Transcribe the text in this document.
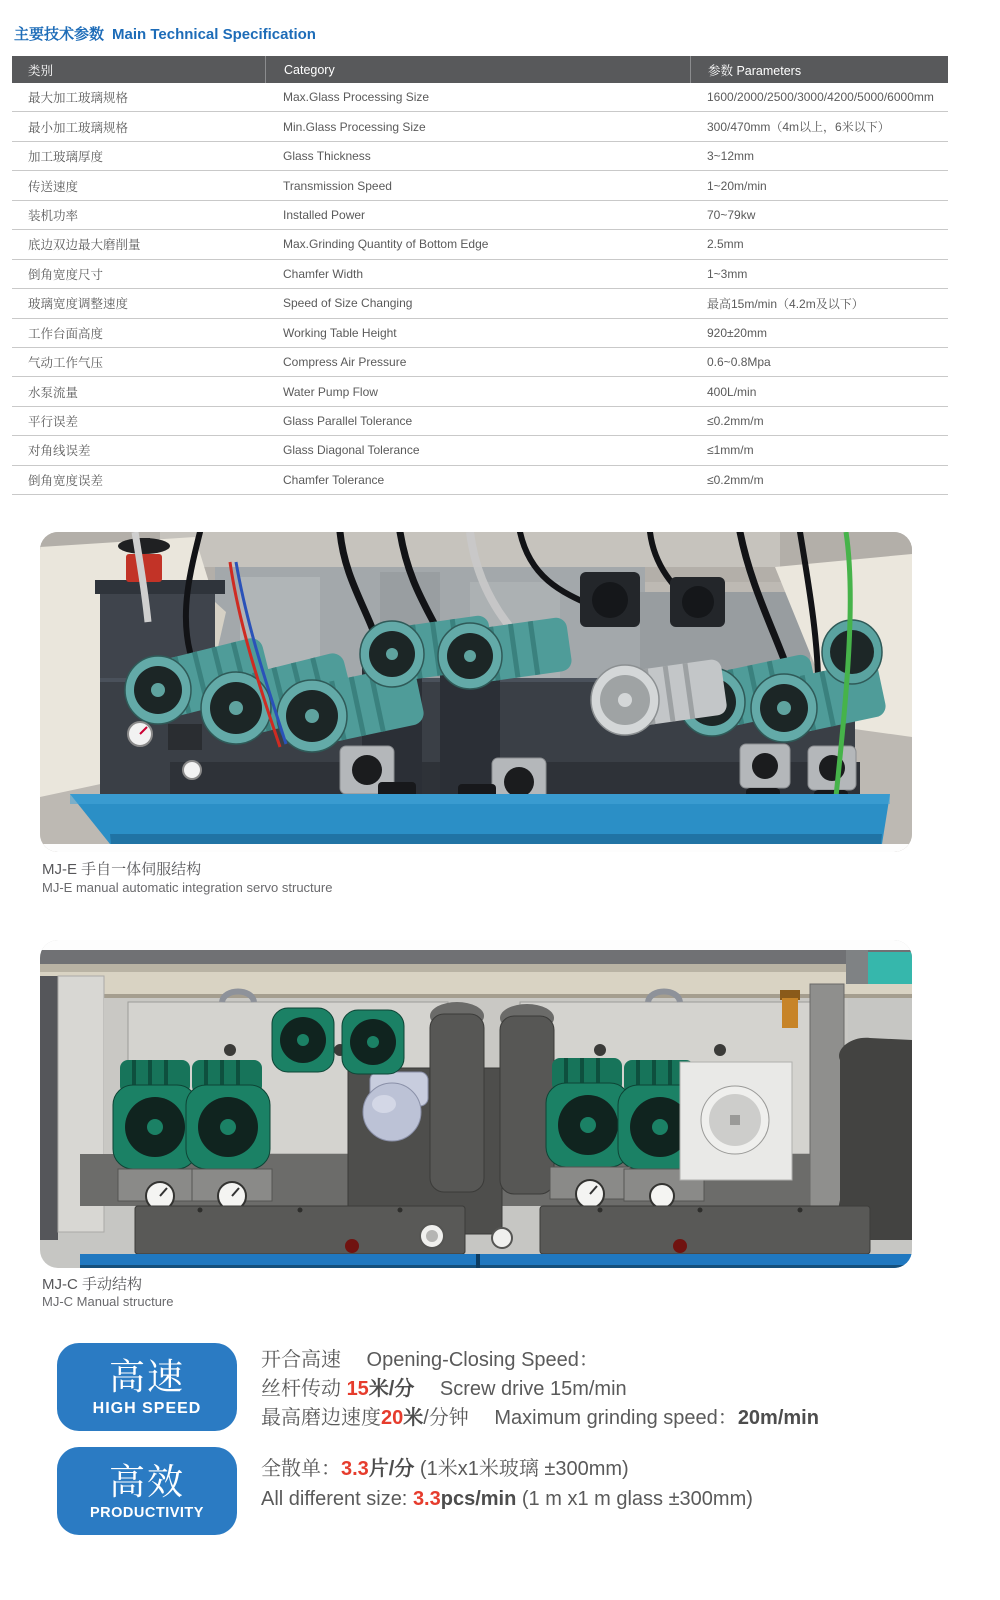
主要技术参数 Main Technical Specification
类别	Category	参数 Parameters
最大加工玻璃规格	Max.Glass Processing Size	1600/2000/2500/3000/4200/5000/6000mm
最小加工玻璃规格	Min.Glass Processing Size	300/470mm（4m以上，6米以下）
加工玻璃厚度	Glass Thickness	3~12mm
传送速度	Transmission Speed	1~20m/min
装机功率	Installed Power	70~79kw
底边双边最大磨削量	Max.Grinding Quantity of Bottom Edge	2.5mm
倒角宽度尺寸	Chamfer Width	1~3mm
玻璃宽度调整速度	Speed of Size Changing	最高15m/min（4.2m及以下）
工作台面高度	Working Table Height	920±20mm
气动工作气压	Compress Air Pressure	0.6~0.8Mpa
水泵流量	Water Pump Flow	400L/min
平行误差	Glass Parallel Tolerance	≤0.2mm/m
对角线误差	Glass Diagonal Tolerance	≤1mm/m
倒角宽度误差	Chamfer Tolerance	≤0.2mm/m
MJ-E 手自一体伺服结构
MJ-E manual automatic integration servo structure
MJ-C 手动结构
MJ-C Manual structure
高速
HIGH SPEED
开合高速　 Opening-Closing Speed：
丝杆传动 15米/分　 Screw drive 15m/min
最高磨边速度20米/分钟　 Maximum grinding speed：20m/min
高效
PRODUCTIVITY
全散单：3.3片/分 (1米x1米玻璃 ±300mm)
All different size: 3.3pcs/min (1 m x1 m glass ±300mm)
